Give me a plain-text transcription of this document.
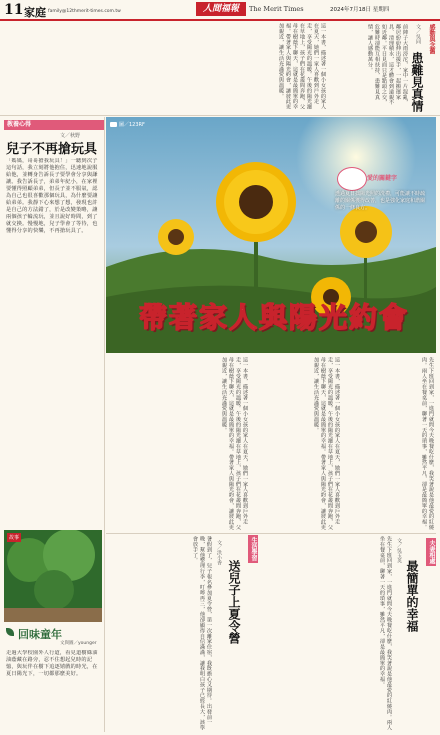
11 家庭 family@12thmerit-times.com.tw	人間福報	The Merit Times	2024年7月18日 星期四
感動與念舊
患難見真情
文／吳同
前陣子大雨滂沱，家中一片混亂，鄰居紛紛伸出援手，一起搬運家具、清理積水，這才體會到遠親不如近鄰。平日見面只是點頭之交，危難時卻能互相扶持，患難見真情，讓人感動萬分。
這一本書，描述著一個小女孩的家人在夏天，她們一家人喜歡到戶外走走，享受陽光的溫暖。午後的陽光灑在草地上，孩子們在花叢間奔跑，父母在樹蔭下聊天，這就是最簡單的幸福。帶著家人與陽光約會，讓彼此更加親近，讓生活充滿愛與溫暖。
圖／123RF
愛的關鍵字
透過夏日拙陽光照的洗禮，可能讓不時疏離的關係獲得改善，也是強化家庭和諧關係的一條良方。
帶著家人與陽光約會
教養心得
文／秋野
兒子不再搶玩具
「媽媽，哥哥搶我玩具！」一聽到次子這句話，我立刻將他抱住，迅速地說服給他，並轉身告訴長子要學會分享與謙讓。我告訴長子，弟弟年紀小，在家裡要懂得照顧弟弟，但長子並不服氣，認為自己也很喜歡那個玩具，為什麼要讓給弟弟。我靜下心來想了想，發現也許是自己的方法錯了，於是改變策略，讓兩個孩子輪流玩，並且說好時間，到了就交換。慢慢地，兒子學會了等待，也懂得分享的快樂，不再搶玩具了。
故事
回味童年
文與圖／younger
走過大學校園外人行道，看見道樹綠油油蔭藏在路旁，忍不住想起兒時的記憶，與玩伴在樹下追逐嬉戲的時光，在夏日陽光下，一切都那麼美好。
這一本書，描述著一個小女孩的家人在夏天，她們一家人喜歡到戶外走走，享受陽光的溫暖。午後的陽光灑在草地上，孩子們在花叢間奔跑，父母在樹蔭下聊天，這就是最簡單的幸福。帶著家人與陽光約會，讓彼此更加親近，讓生活充滿愛與溫暖。
這一本書，描述著一個小女孩的家人在夏天，她們一家人喜歡到戶外走走，享受陽光的溫暖。午後的陽光灑在草地上，孩子們在花叢間奔跑，父母在樹蔭下聊天，這就是最簡單的幸福。帶著家人與陽光約會，讓彼此更加親近，讓生活充滿愛與溫暖。
生活學習
送兒子上夏令營
文／洪小香
暑假到了，兒子報名參加夏令營，第一次離家住宿，我既擔心又期待。出發前一晚，幫他整理行李，叮嚀再三，他卻顯得自信滿滿，讓我明白孩子已經長大，該學會放手了。	夫妻相處
最簡單的幸福
文／吳玉英
先生下班回到家，一進門就問今天晚餐吃什麼，我笑著說是他最愛的紅燒肉。兩人坐在餐桌前，聊著一天的瑣事，雖然平凡，卻是最簡單的幸福。
先生下班回到家，一進門就問今天晚餐吃什麼，我笑著說是他最愛的紅燒肉。兩人坐在餐桌前，聊著一天的瑣事，雖然平凡，卻是最簡單的幸福。
